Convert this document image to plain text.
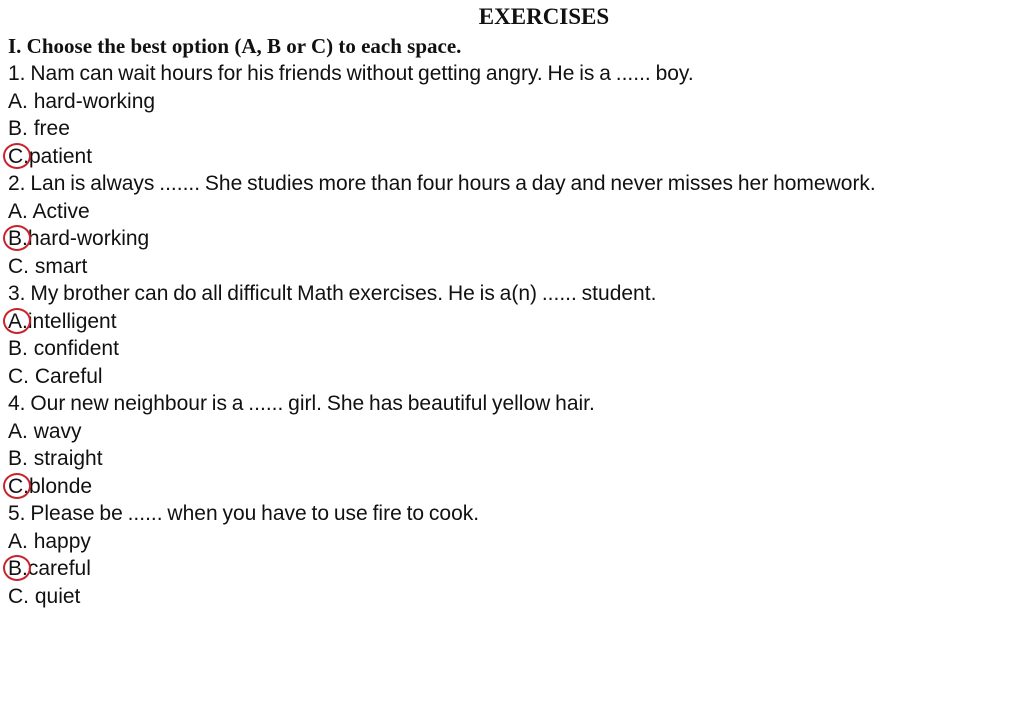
EXERCISES
I. Choose the best option (A, B or C) to each space.
1. Nam can wait hours for his friends without getting angry. He is a ...... boy.
A. hard-working
B. free
C.
patient
2. Lan is always ....... She studies more than four hours a day and never misses her homework.
A. Active
B.
hard-working
C. smart
3. My brother can do all difficult Math exercises. He is a(n) ...... student.
A.
intelligent
B. confident
C. Careful
4. Our new neighbour is a ...... girl. She has beautiful yellow hair.
A. wavy
B. straight
C.
blonde
5. Please be ...... when you have to use fire to cook.
A. happy
B.
careful
C. quiet
